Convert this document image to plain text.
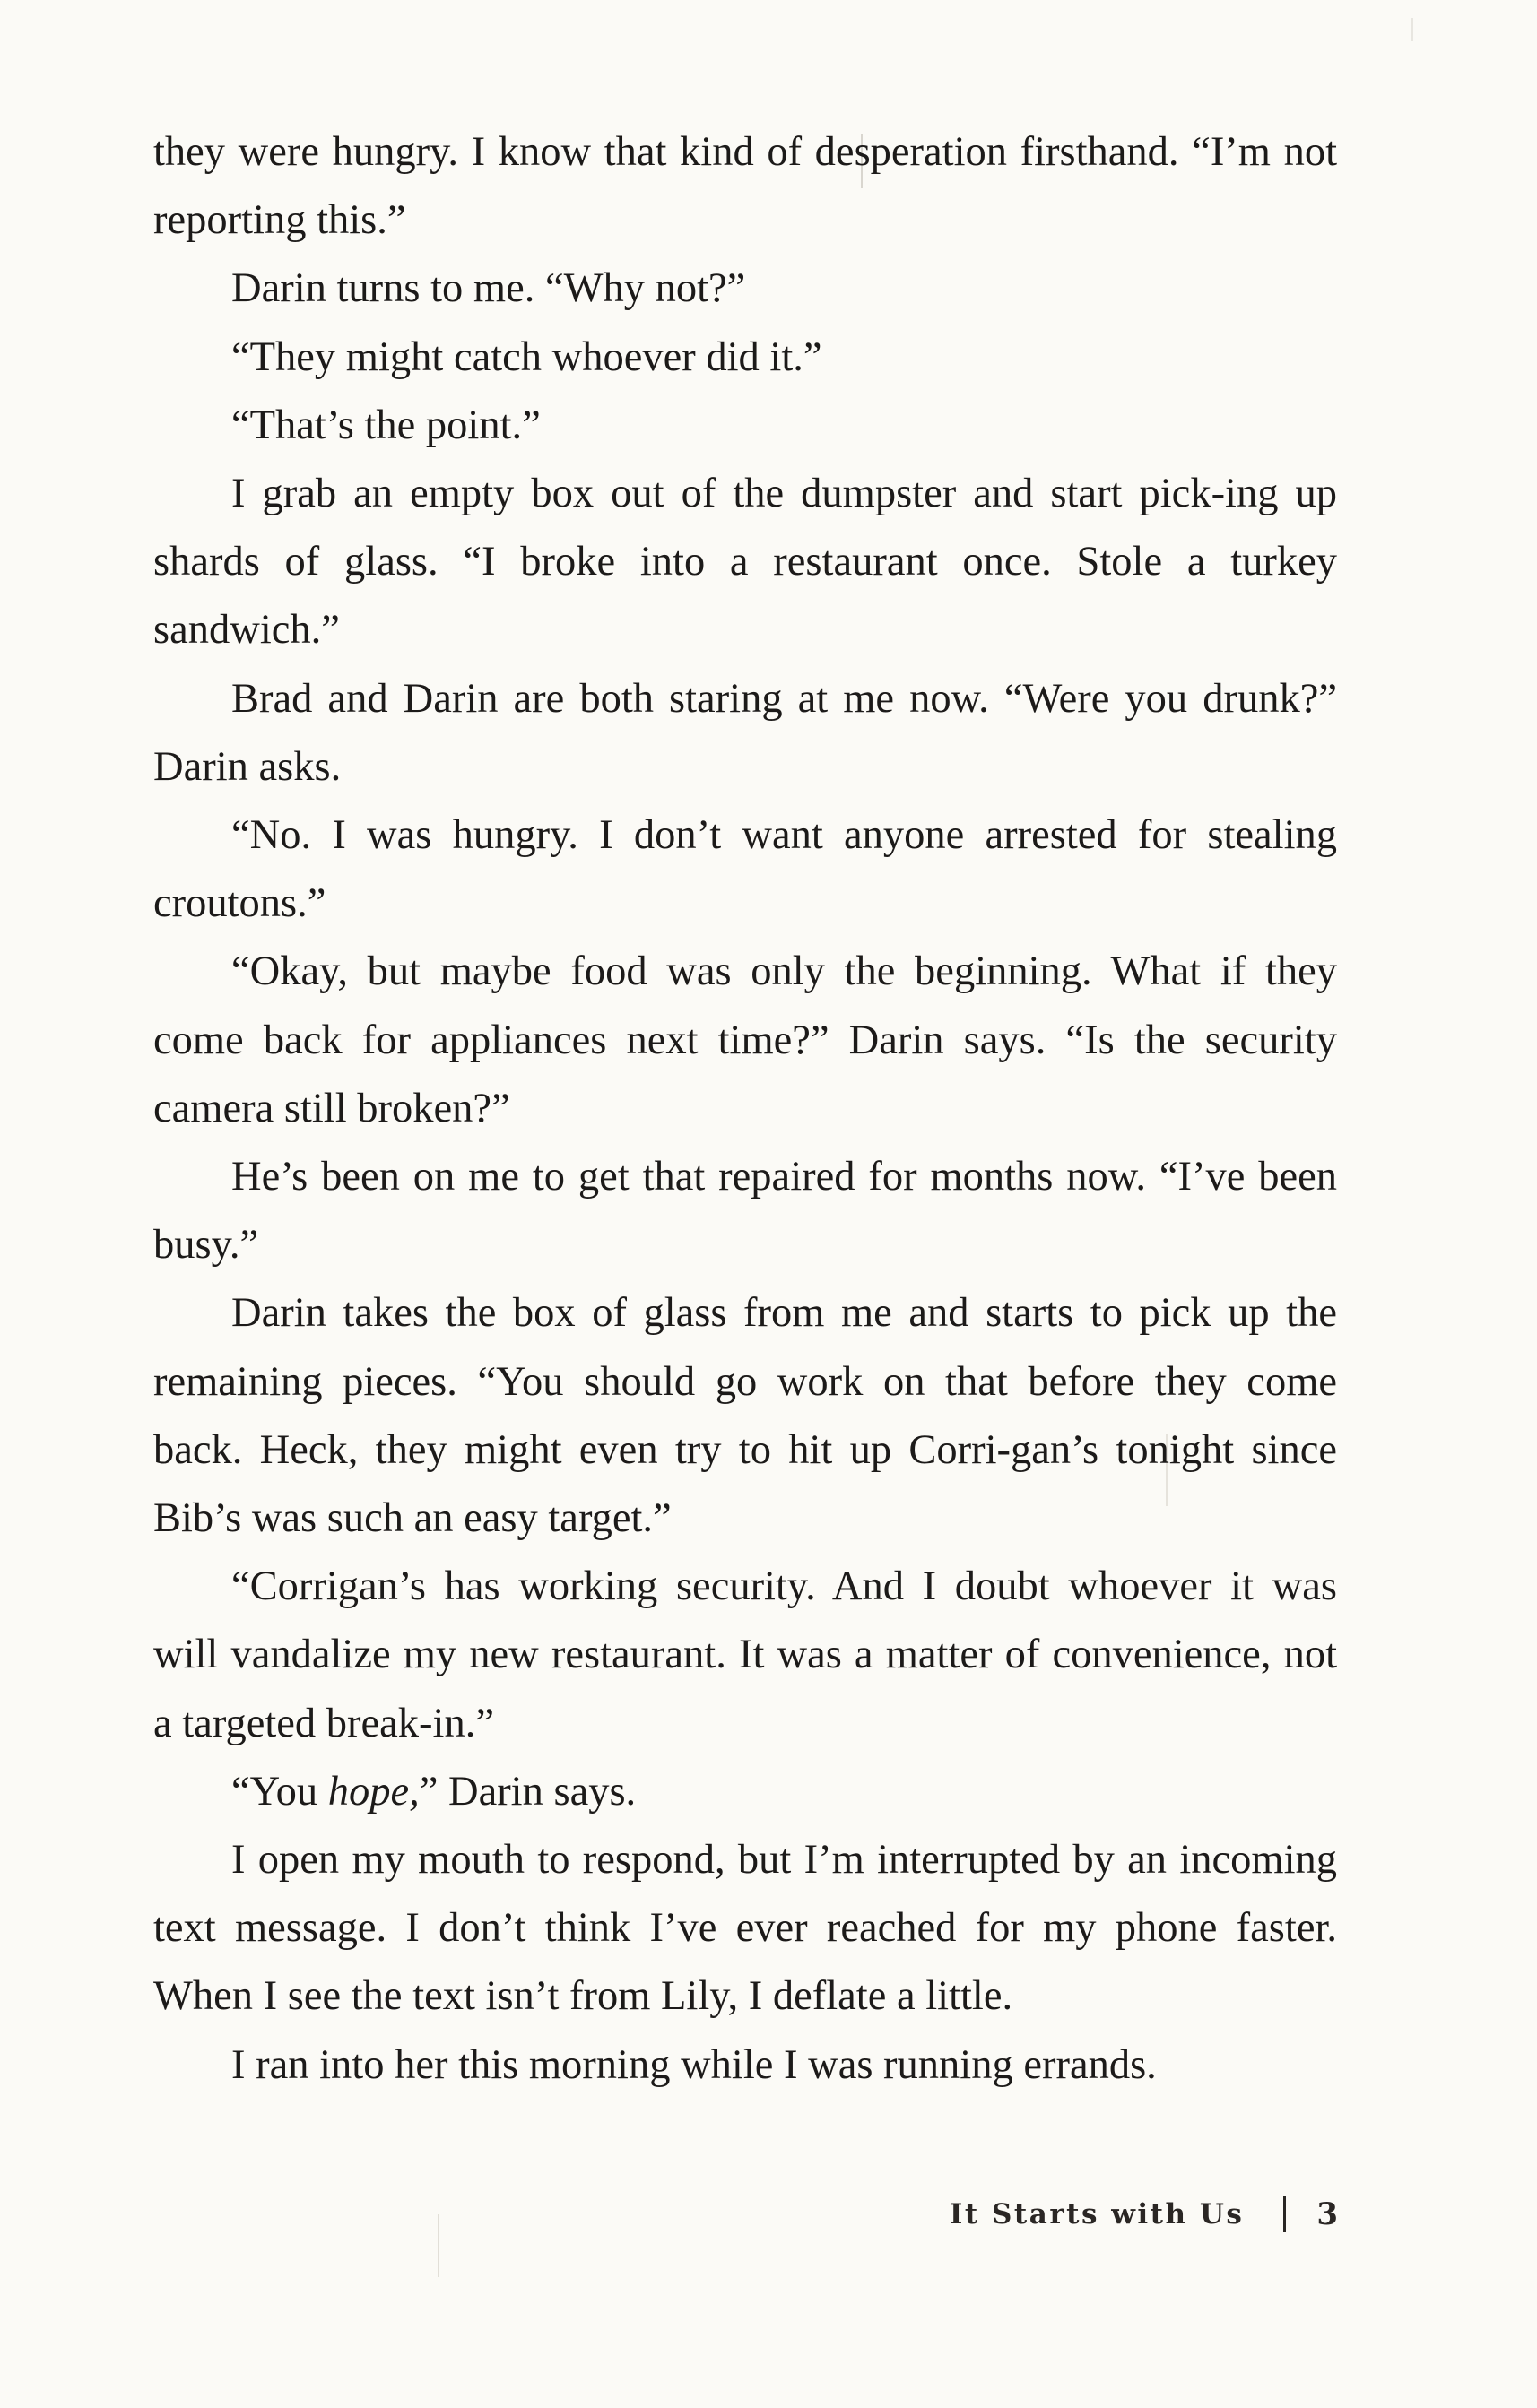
they were hungry. I know that kind of desperation firsthand. “I’m not reporting this.”

Darin turns to me. “Why not?”

“They might catch whoever did it.”

“That’s the point.”

I grab an empty box out of the dumpster and start pick-ing up shards of glass. “I broke into a restaurant once. Stole a turkey sandwich.”

Brad and Darin are both staring at me now. “Were you drunk?” Darin asks.

“No. I was hungry. I don’t want anyone arrested for stealing croutons.”

“Okay, but maybe food was only the beginning. What if they come back for appliances next time?” Darin says. “Is the security camera still broken?”

He’s been on me to get that repaired for months now. “I’ve been busy.”

Darin takes the box of glass from me and starts to pick up the remaining pieces. “You should go work on that before they come back. Heck, they might even try to hit up Corri-gan’s tonight since Bib’s was such an easy target.”

“Corrigan’s has working security. And I doubt whoever it was will vandalize my new restaurant. It was a matter of convenience, not a targeted break-in.”

“You hope,” Darin says.

I open my mouth to respond, but I’m interrupted by an incoming text message. I don’t think I’ve ever reached for my phone faster. When I see the text isn’t from Lily, I deflate a little.

I ran into her this morning while I was running errands.

It Starts with Us 3
